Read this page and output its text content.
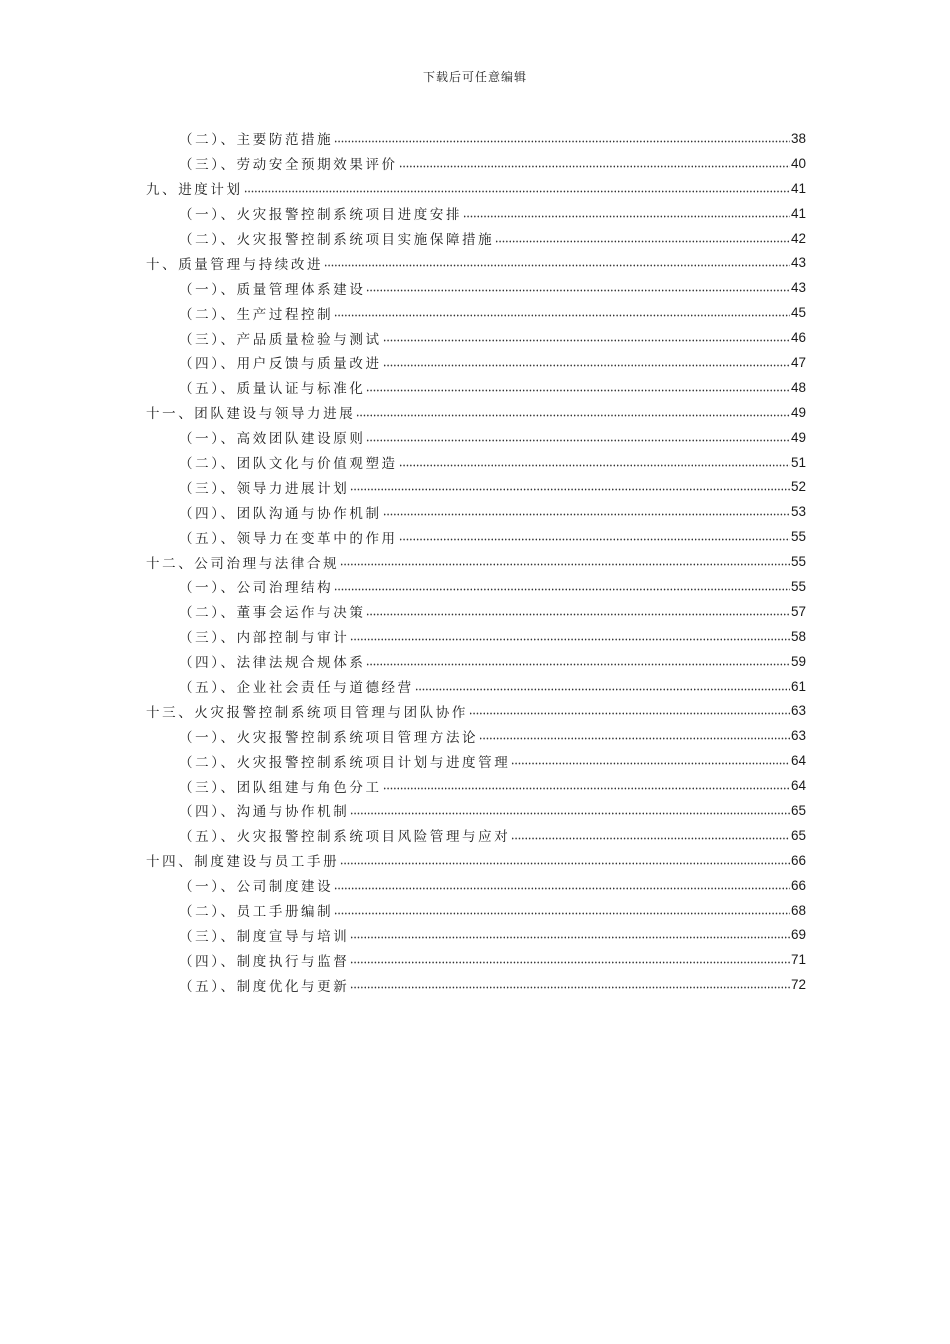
下载后可任意编辑
（二）、主要防范措施	38
（三）、劳动安全预期效果评价	40
九、进度计划	41
（一）、火灾报警控制系统项目进度安排	41
（二）、火灾报警控制系统项目实施保障措施	42
十、质量管理与持续改进	43
（一）、质量管理体系建设	43
（二）、生产过程控制	45
（三）、产品质量检验与测试	46
（四）、用户反馈与质量改进	47
（五）、质量认证与标准化	48
十一、团队建设与领导力进展	49
（一）、高效团队建设原则	49
（二）、团队文化与价值观塑造	51
（三）、领导力进展计划	52
（四）、团队沟通与协作机制	53
（五）、领导力在变革中的作用	55
十二、公司治理与法律合规	55
（一）、公司治理结构	55
（二）、董事会运作与决策	57
（三）、内部控制与审计	58
（四）、法律法规合规体系	59
（五）、企业社会责任与道德经营	61
十三、火灾报警控制系统项目管理与团队协作	63
（一）、火灾报警控制系统项目管理方法论	63
（二）、火灾报警控制系统项目计划与进度管理	64
（三）、团队组建与角色分工	64
（四）、沟通与协作机制	65
（五）、火灾报警控制系统项目风险管理与应对	65
十四、制度建设与员工手册	66
（一）、公司制度建设	66
（二）、员工手册编制	68
（三）、制度宣导与培训	69
（四）、制度执行与监督	71
（五）、制度优化与更新	72
